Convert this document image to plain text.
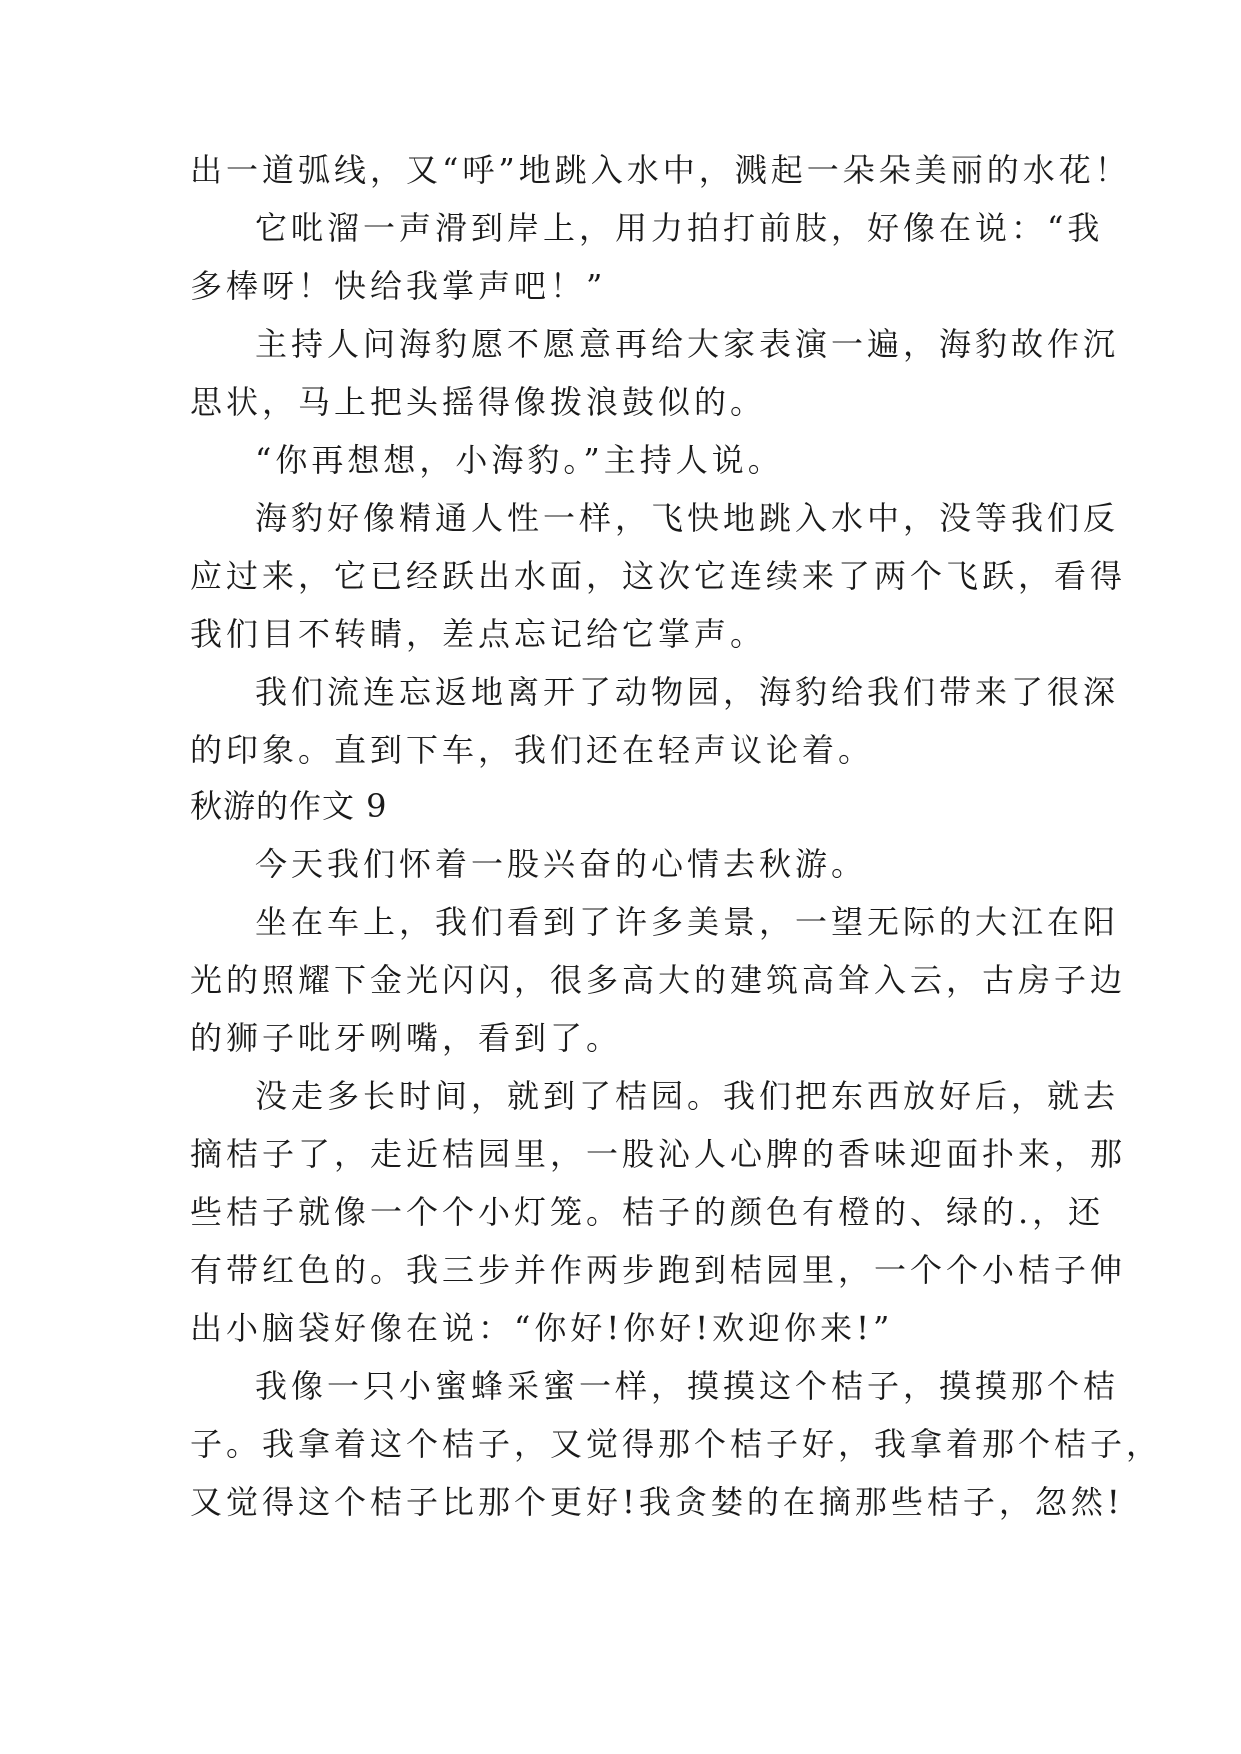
出一道弧线，又“呼”地跳入水中，溅起一朵朵美丽的水花！

它吡溜一声滑到岸上，用力拍打前肢，好像在说：“我

多棒呀！快给我掌声吧！”

主持人问海豹愿不愿意再给大家表演一遍，海豹故作沉

思状，马上把头摇得像拨浪鼓似的。

“你再想想，小海豹。”主持人说。

海豹好像精通人性一样，飞快地跳入水中，没等我们反

应过来，它已经跃出水面，这次它连续来了两个飞跃，看得

我们目不转睛，差点忘记给它掌声。

我们流连忘返地离开了动物园，海豹给我们带来了很深

的印象。直到下车，我们还在轻声议论着。

秋游的作文 9

今天我们怀着一股兴奋的心情去秋游。

坐在车上，我们看到了许多美景，一望无际的大江在阳

光的照耀下金光闪闪，很多高大的建筑高耸入云，古房子边

的狮子吡牙咧嘴，看到了。

没走多长时间，就到了桔园。我们把东西放好后，就去

摘桔子了，走近桔园里，一股沁人心脾的香味迎面扑来，那

些桔子就像一个个小灯笼。桔子的颜色有橙的、绿的.，还

有带红色的。我三步并作两步跑到桔园里，一个个小桔子伸

出小脑袋好像在说：“你好!你好!欢迎你来!”

我像一只小蜜蜂采蜜一样，摸摸这个桔子，摸摸那个桔

子。我拿着这个桔子，又觉得那个桔子好，我拿着那个桔子，

又觉得这个桔子比那个更好!我贪婪的在摘那些桔子，忽然!
